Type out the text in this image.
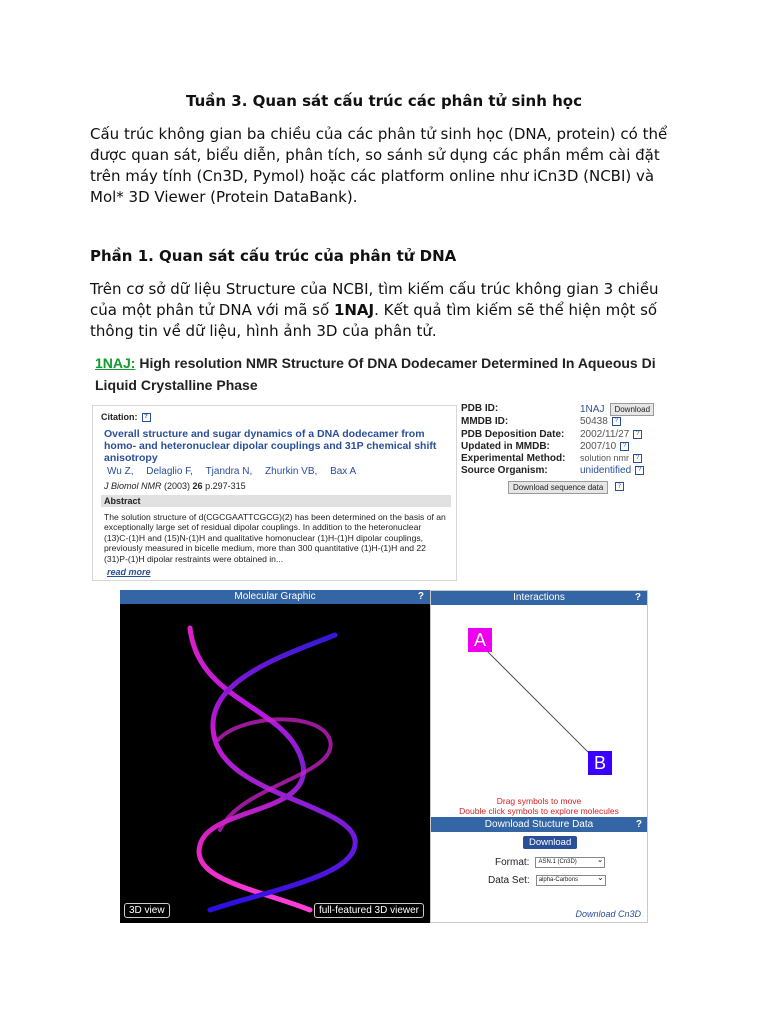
Tuần 3. Quan sát cấu trúc các phân tử sinh học

Cấu trúc không gian ba chiều của các phân tử sinh học (DNA, protein) có thể được quan sát, biểu diễn, phân tích, so sánh sử dụng các phần mềm cài đặt trên máy tính (Cn3D, Pymol) hoặc các platform online như iCn3D (NCBI) và Mol* 3D Viewer (Protein DataBank).

Phần 1. Quan sát cấu trúc của phân tử DNA

Trên cơ sở dữ liệu Structure của NCBI, tìm kiếm cấu trúc không gian 3 chiều của một phân tử DNA với mã số 1NAJ. Kết quả tìm kiếm sẽ thể hiện một số thông tin về dữ liệu, hình ảnh 3D của phân tử.

1NAJ: High resolution NMR Structure Of DNA Dodecamer Determined In Aqueous Di Liquid Crystalline Phase
Citation: ?
Overall structure and sugar dynamics of a DNA dodecamer from homo- and heteronuclear dipolar couplings and 31P chemical shift anisotropy
Wu Z, Delaglio F, Tjandra N, Zhurkin VB, Bax A
J Biomol NMR (2003) 26 p.297-315
Abstract
The solution structure of d(CGCGAATTCGCG)(2) has been determined on the basis of an exceptionally large set of residual dipolar couplings. In addition to the heteronuclear (13)C-(1)H and (15)N-(1)H and qualitative homonuclear (1)H-(1)H dipolar couplings, previously measured in bicelle medium, more than 300 quantitative (1)H-(1)H and 22 (31)P-(1)H dipolar restraints were obtained in...
read more
PDB ID:	1NAJ Download
MMDB ID:	50438 ?
PDB Deposition Date: 2002/11/27 ?
Updated in MMDB:	2007/10 ?
Experimental Method: solution nmr ?
Source Organism:	unidentified ?
Download sequence data	?
Molecular Graphic	?
3D view	full-featured 3D viewer
Interactions	?
A
B
Drag symbols to move
Double click symbols to explore molecules
Download Stucture Data	?
Download
Format: ASN.1 (Cn3D) ⌄
Data Set: alpha-Carbons ⌄
Download Cn3D
